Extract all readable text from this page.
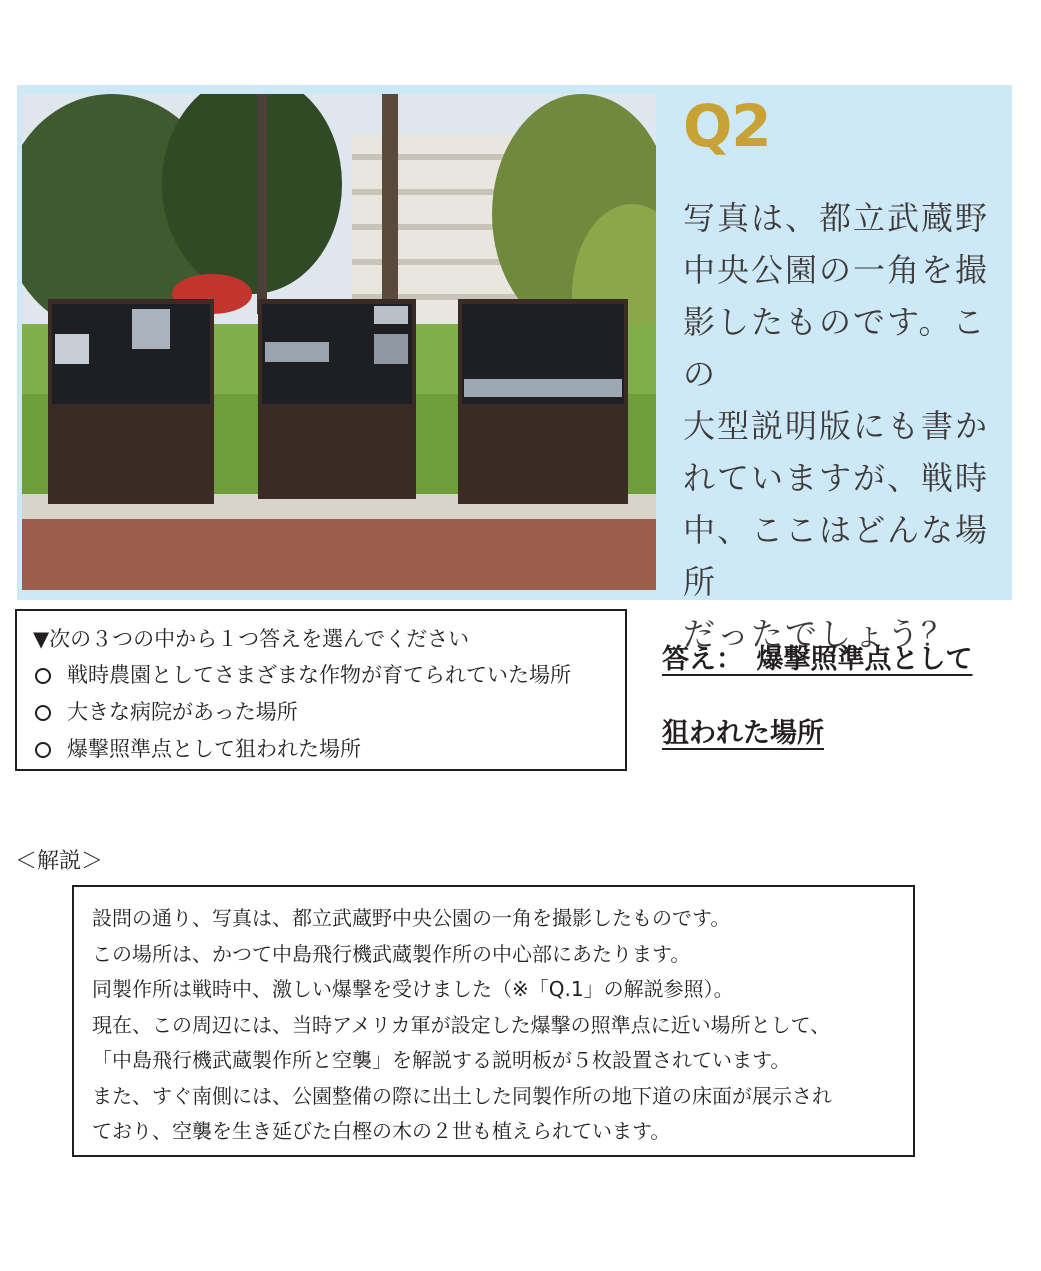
Q2
写真は、都立武蔵野
中央公園の一角を撮
影したものです。この
大型説明版にも書か
れていますが、戦時
中、ここはどんな場所
だったでしょう？
▼次の３つの中から１つ答えを選んでください
戦時農園としてさまざまな作物が育てられていた場所
大きな病院があった場所
爆撃照準点として狙われた場所
答え：　爆撃照準点として
狙われた場所
＜解説＞
設問の通り、写真は、都立武蔵野中央公園の一角を撮影したものです。
この場所は、かつて中島飛行機武蔵製作所の中心部にあたります。
同製作所は戦時中、激しい爆撃を受けました（※「Q.1」の解説参照）。
現在、この周辺には、当時アメリカ軍が設定した爆撃の照準点に近い場所として、
「中島飛行機武蔵製作所と空襲」を解説する説明板が５枚設置されています。
また、すぐ南側には、公園整備の際に出土した同製作所の地下道の床面が展示され
ており、空襲を生き延びた白樫の木の２世も植えられています。
